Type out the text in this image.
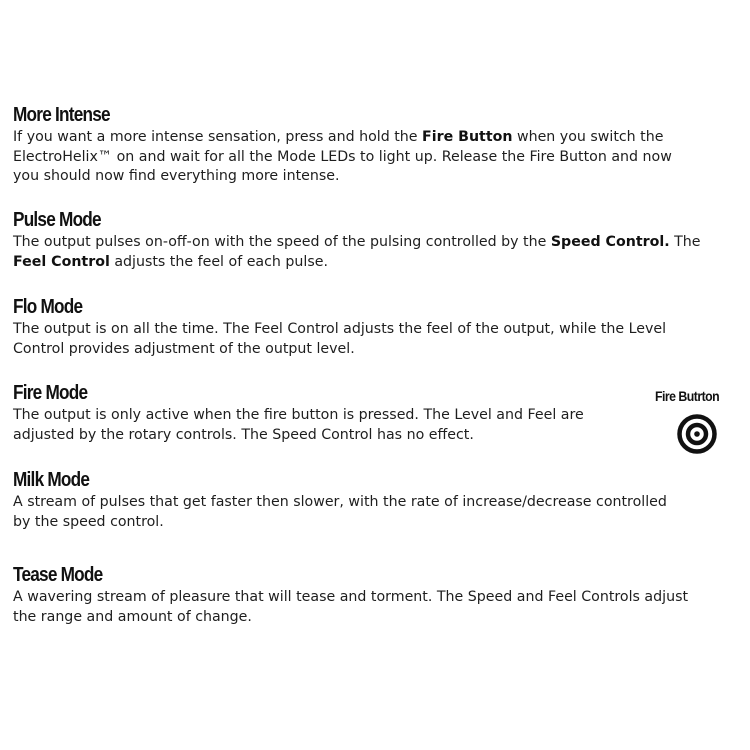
More Intense
If you want a more intense sensation, press and hold the Fire Button when you switch the
ElectroHelix™ on and wait for all the Mode LEDs to light up. Release the Fire Button and now
you should now find everything more intense.
Pulse Mode
The output pulses on-off-on with the speed of the pulsing controlled by the Speed Control. The
Feel Control adjusts the feel of each pulse.
Flo Mode
The output is on all the time. The Feel Control adjusts the feel of the output, while the Level
Control provides adjustment of the output level.
Fire Mode
The output is only active when the fire button is pressed. The Level and Feel are
adjusted by the rotary controls. The Speed Control has no effect.
Milk Mode
A stream of pulses that get faster then slower, with the rate of increase/decrease controlled
by the speed control.
Tease Mode
A wavering stream of pleasure that will tease and torment. The Speed and Feel Controls adjust
the range and amount of change.
Fire Butrton
